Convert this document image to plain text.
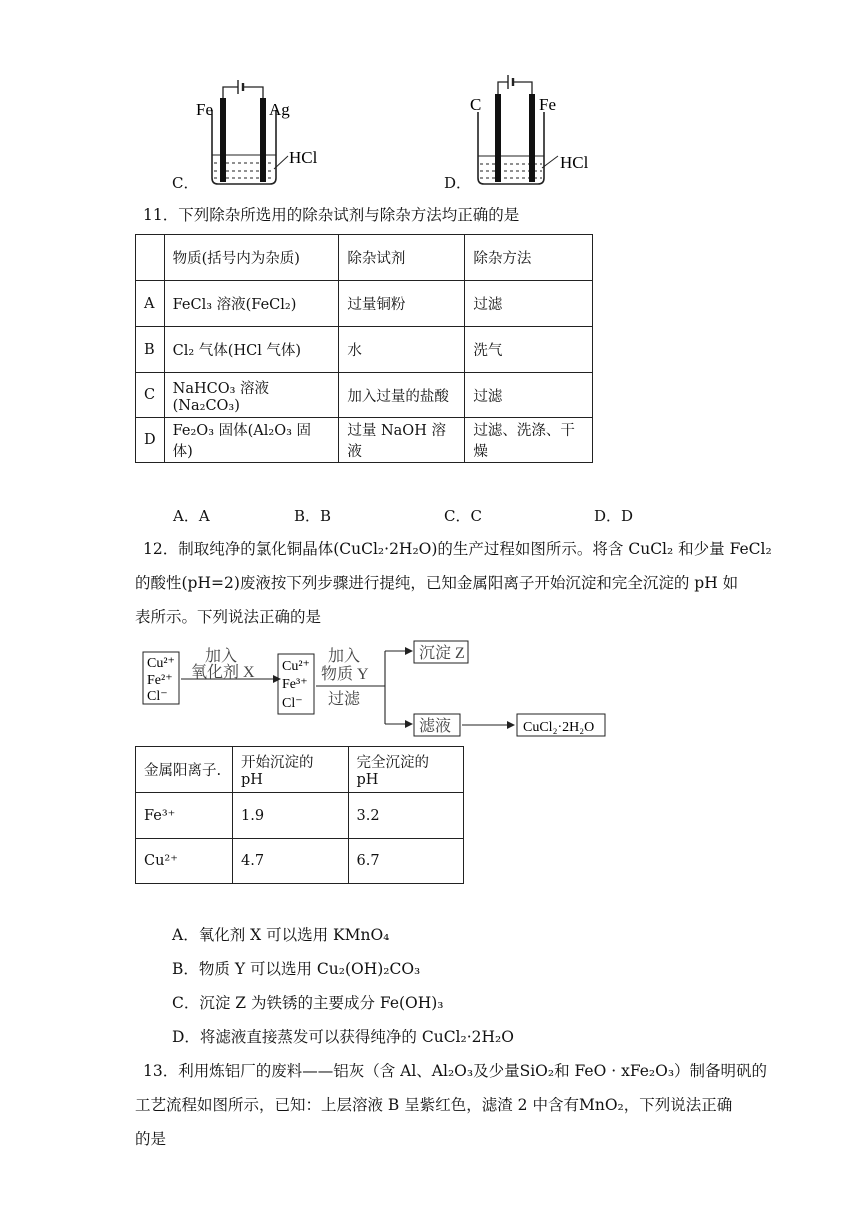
C．
Fe	Ag
HCl
D．
C	Fe
HCl
11．下列除杂所选用的除杂试剂与除杂方法均正确的是
	物质(括号内为杂质)	除杂试剂	除杂方法
A	FeCl₃ 溶液(FeCl₂)	过量铜粉	过滤
B	Cl₂ 气体(HCl 气体)	水	洗气
C	NaHCO₃ 溶液(Na₂CO₃)	加入过量的盐酸	过滤
D	Fe₂O₃ 固体(Al₂O₃ 固体)	过量 NaOH 溶液	过滤、洗涤、干燥
A．A	B．B	C．C	D．D
12．制取纯净的氯化铜晶体(CuCl₂·2H₂O)的生产过程如图所示。将含 CuCl₂ 和少量 FeCl₂
的酸性(pH=2)废液按下列步骤进行提纯，已知金属阳离子开始沉淀和完全沉淀的 pH 如
表所示。下列说法正确的是
Cu²⁺
Fe²⁺
Cl⁻
加入
氧化剂 X Cu²⁺
Fe³⁺
Cl⁻
加入
物质 Y
过滤
沉淀 Z
滤液	CuCl₂·2H₂O
金属阳离子.	开始沉淀的 pH	完全沉淀的 pH
Fe³⁺	1.9	3.2
Cu²⁺	4.7	6.7
A．氧化剂 X 可以选用 KMnO₄
B．物质 Y 可以选用 Cu₂(OH)₂CO₃
C．沉淀 Z 为铁锈的主要成分 Fe(OH)₃
D．将滤液直接蒸发可以获得纯净的 CuCl₂·2H₂O
13．利用炼铝厂的废料——铝灰（含 Al、Al₂O₃及少量SiO₂和 FeO · xFe₂O₃）制备明矾的
工艺流程如图所示，已知：上层溶液 B 呈紫红色，滤渣 2 中含有MnO₂，下列说法正确
的是
